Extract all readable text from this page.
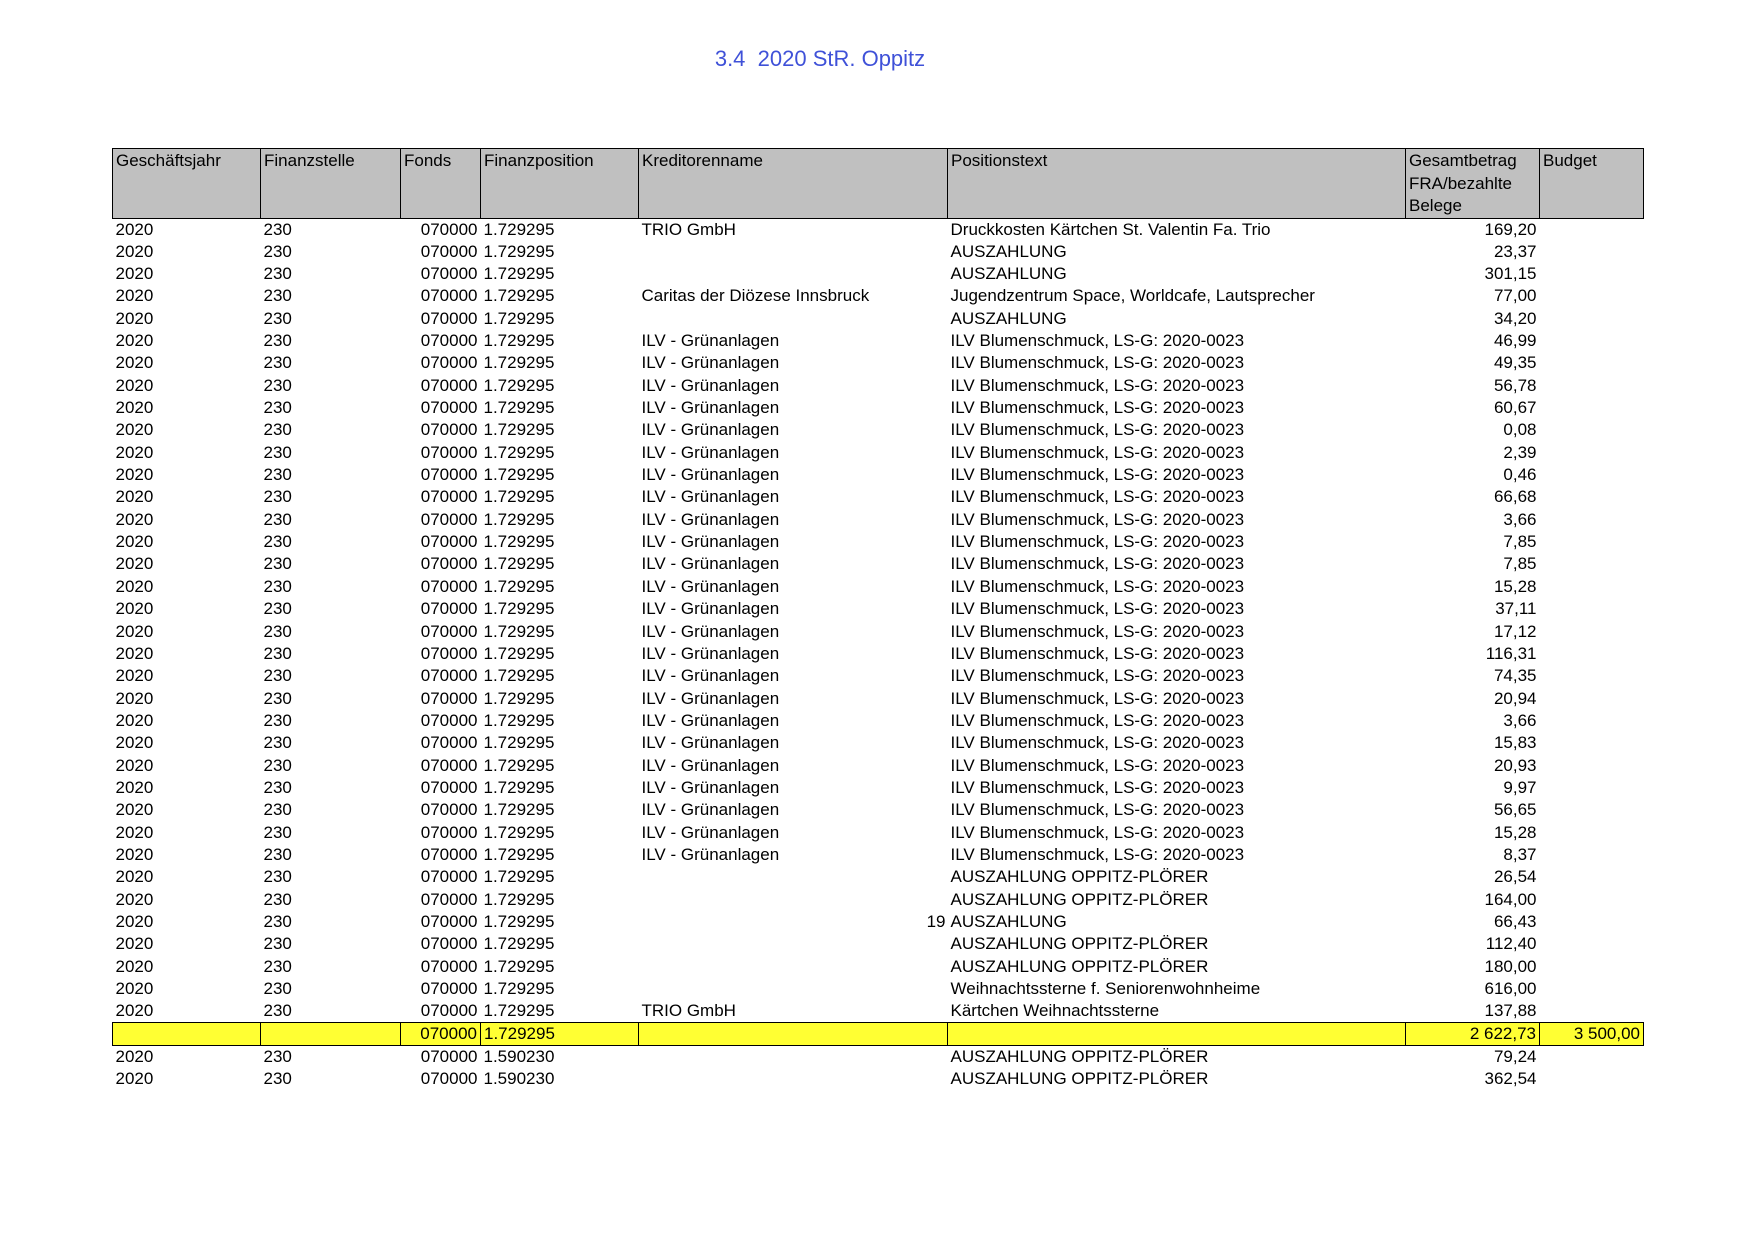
3.4  2020 StR. Oppitz
Geschäftsjahr	Finanzstelle	Fonds	Finanzposition	Kreditorenname	Positionstext	Gesamtbetrag
FRA/bezahlte
Belege	Budget
2020	230	070000	1.729295	TRIO GmbH	Druckkosten Kärtchen St. Valentin Fa. Trio	169,20	
2020	230	070000	1.729295		AUSZAHLUNG	23,37	
2020	230	070000	1.729295		AUSZAHLUNG	301,15	
2020	230	070000	1.729295	Caritas der Diözese Innsbruck	Jugendzentrum Space, Worldcafe, Lautsprecher	77,00	
2020	230	070000	1.729295		AUSZAHLUNG	34,20	
2020	230	070000	1.729295	ILV - Grünanlagen	ILV Blumenschmuck, LS-G: 2020-0023	46,99	
2020	230	070000	1.729295	ILV - Grünanlagen	ILV Blumenschmuck, LS-G: 2020-0023	49,35	
2020	230	070000	1.729295	ILV - Grünanlagen	ILV Blumenschmuck, LS-G: 2020-0023	56,78	
2020	230	070000	1.729295	ILV - Grünanlagen	ILV Blumenschmuck, LS-G: 2020-0023	60,67	
2020	230	070000	1.729295	ILV - Grünanlagen	ILV Blumenschmuck, LS-G: 2020-0023	0,08	
2020	230	070000	1.729295	ILV - Grünanlagen	ILV Blumenschmuck, LS-G: 2020-0023	2,39	
2020	230	070000	1.729295	ILV - Grünanlagen	ILV Blumenschmuck, LS-G: 2020-0023	0,46	
2020	230	070000	1.729295	ILV - Grünanlagen	ILV Blumenschmuck, LS-G: 2020-0023	66,68	
2020	230	070000	1.729295	ILV - Grünanlagen	ILV Blumenschmuck, LS-G: 2020-0023	3,66	
2020	230	070000	1.729295	ILV - Grünanlagen	ILV Blumenschmuck, LS-G: 2020-0023	7,85	
2020	230	070000	1.729295	ILV - Grünanlagen	ILV Blumenschmuck, LS-G: 2020-0023	7,85	
2020	230	070000	1.729295	ILV - Grünanlagen	ILV Blumenschmuck, LS-G: 2020-0023	15,28	
2020	230	070000	1.729295	ILV - Grünanlagen	ILV Blumenschmuck, LS-G: 2020-0023	37,11	
2020	230	070000	1.729295	ILV - Grünanlagen	ILV Blumenschmuck, LS-G: 2020-0023	17,12	
2020	230	070000	1.729295	ILV - Grünanlagen	ILV Blumenschmuck, LS-G: 2020-0023	116,31	
2020	230	070000	1.729295	ILV - Grünanlagen	ILV Blumenschmuck, LS-G: 2020-0023	74,35	
2020	230	070000	1.729295	ILV - Grünanlagen	ILV Blumenschmuck, LS-G: 2020-0023	20,94	
2020	230	070000	1.729295	ILV - Grünanlagen	ILV Blumenschmuck, LS-G: 2020-0023	3,66	
2020	230	070000	1.729295	ILV - Grünanlagen	ILV Blumenschmuck, LS-G: 2020-0023	15,83	
2020	230	070000	1.729295	ILV - Grünanlagen	ILV Blumenschmuck, LS-G: 2020-0023	20,93	
2020	230	070000	1.729295	ILV - Grünanlagen	ILV Blumenschmuck, LS-G: 2020-0023	9,97	
2020	230	070000	1.729295	ILV - Grünanlagen	ILV Blumenschmuck, LS-G: 2020-0023	56,65	
2020	230	070000	1.729295	ILV - Grünanlagen	ILV Blumenschmuck, LS-G: 2020-0023	15,28	
2020	230	070000	1.729295	ILV - Grünanlagen	ILV Blumenschmuck, LS-G: 2020-0023	8,37	
2020	230	070000	1.729295		AUSZAHLUNG OPPITZ-PLÖRER	26,54	
2020	230	070000	1.729295		AUSZAHLUNG OPPITZ-PLÖRER	164,00	
2020	230	070000	1.729295	19	AUSZAHLUNG	66,43	
2020	230	070000	1.729295		AUSZAHLUNG OPPITZ-PLÖRER	112,40	
2020	230	070000	1.729295		AUSZAHLUNG OPPITZ-PLÖRER	180,00	
2020	230	070000	1.729295		Weihnachtssterne f. Seniorenwohnheime	616,00	
2020	230	070000	1.729295	TRIO GmbH	Kärtchen Weihnachtssterne	137,88	
		070000	1.729295			2 622,73	3 500,00
2020	230	070000	1.590230		AUSZAHLUNG OPPITZ-PLÖRER	79,24	
2020	230	070000	1.590230		AUSZAHLUNG OPPITZ-PLÖRER	362,54	
